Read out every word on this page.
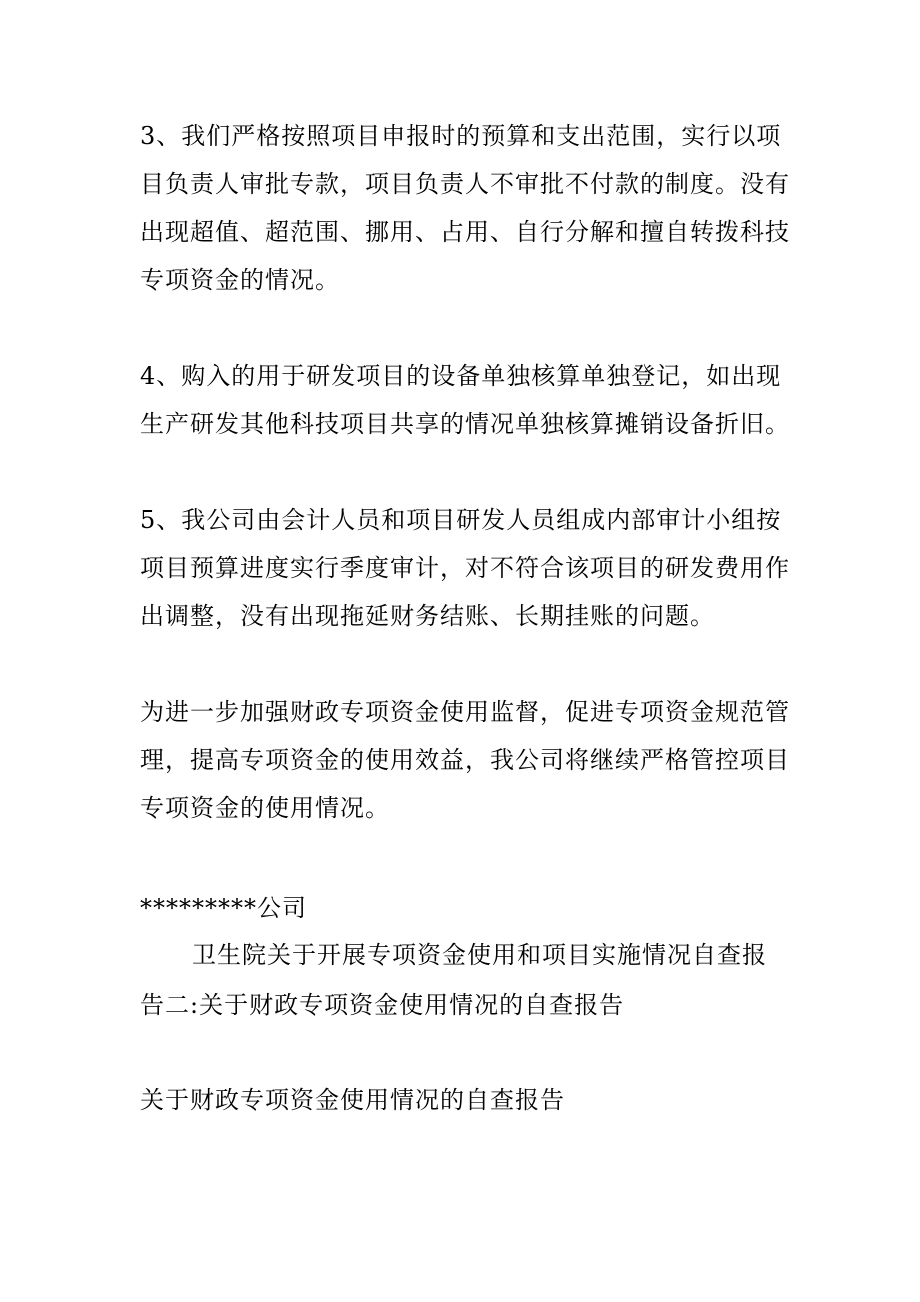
3、我们严格按照项目申报时的预算和支出范围，实行以项
目负责人审批专款，项目负责人不审批不付款的制度。没有
出现超值、超范围、挪用、占用、自行分解和擅自转拨科技
专项资金的情况。

4、购入的用于研发项目的设备单独核算单独登记，如出现
生产研发其他科技项目共享的情况单独核算摊销设备折旧。

5、我公司由会计人员和项目研发人员组成内部审计小组按
项目预算进度实行季度审计，对不符合该项目的研发费用作
出调整，没有出现拖延财务结账、长期挂账的问题。

为进一步加强财政专项资金使用监督，促进专项资金规范管
理，提高专项资金的使用效益，我公司将继续严格管控项目
专项资金的使用情况。

*********公司

卫生院关于开展专项资金使用和项目实施情况自查报
告二:关于财政专项资金使用情况的自查报告

关于财政专项资金使用情况的自查报告
